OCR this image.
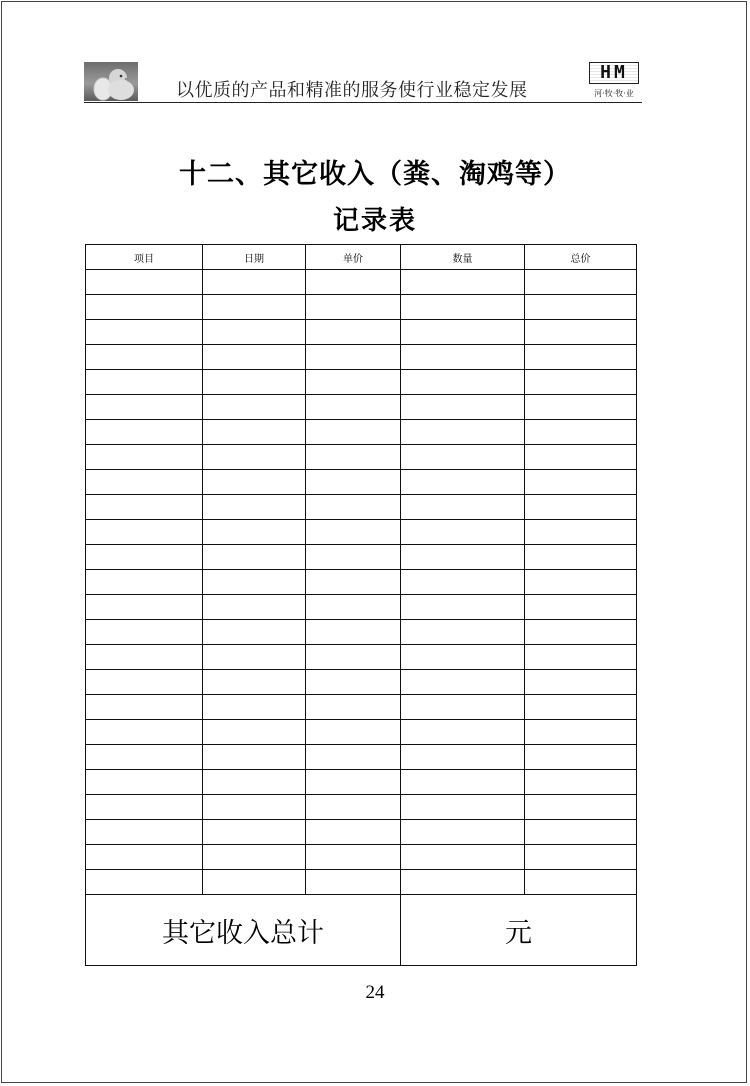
以优质的产品和精准的服务使行业稳定发展
HM
河·牧·牧·业
十二、其它收入（粪、淘鸡等）
记录表
项目	日期	单价	数量	总价

其它收入总计			元	
24
